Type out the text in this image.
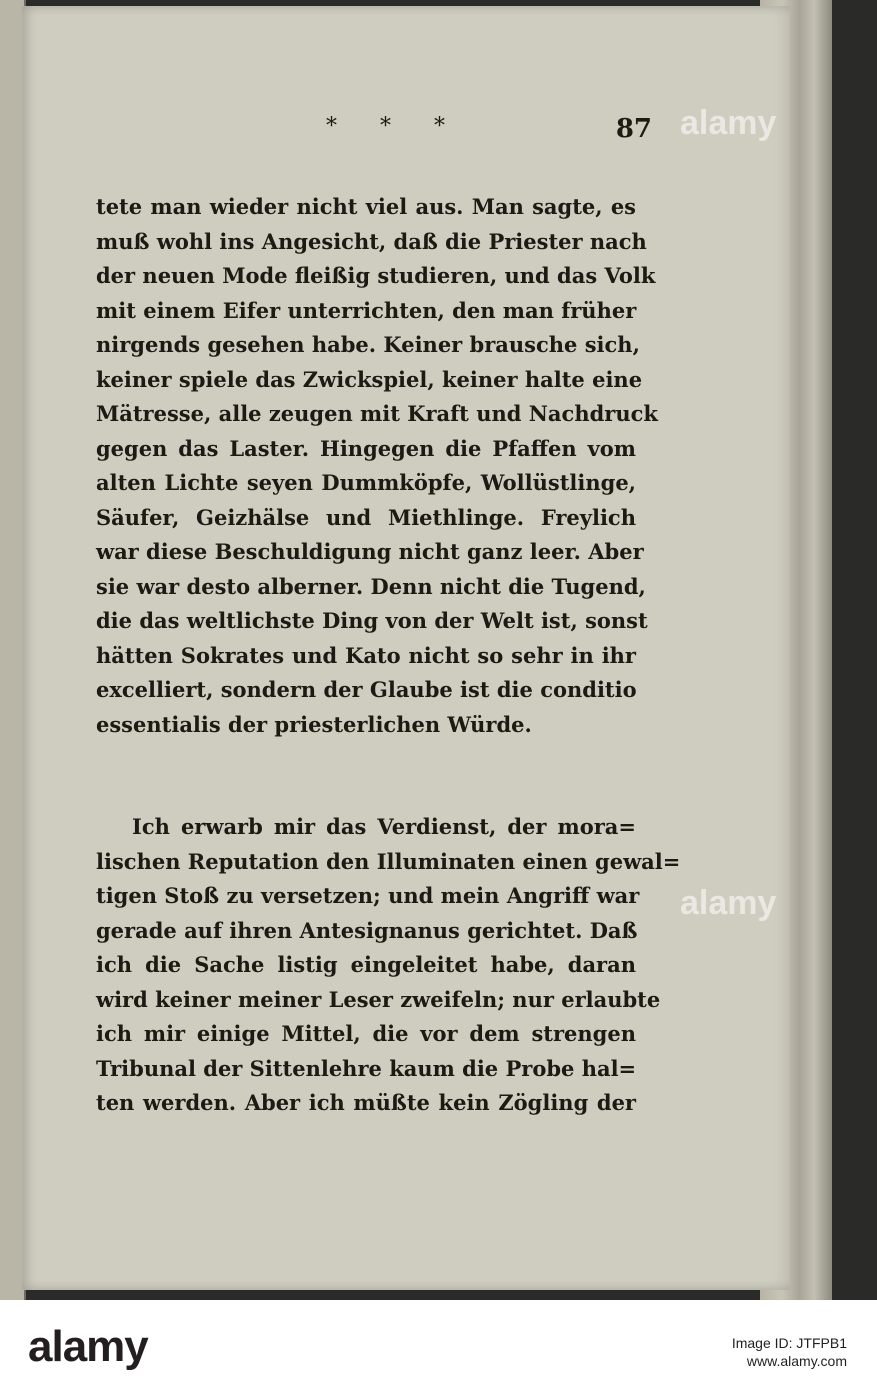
* * *	87
tete man wieder nicht viel aus. Man sagte, es
muß wohl ins Angesicht, daß die Priester nach
der neuen Mode fleißig studieren, und das Volk
mit einem Eifer unterrichten, den man früher
nirgends gesehen habe. Keiner brausche sich,
keiner spiele das Zwickspiel, keiner halte eine
Mätresse, alle zeugen mit Kraft und Nachdruck
gegen das Laster. Hingegen die Pfaffen vom
alten Lichte seyen Dummköpfe, Wollüstlinge,
Säufer, Geizhälse und Miethlinge. Freylich
war diese Beschuldigung nicht ganz leer. Aber
sie war desto alberner. Denn nicht die Tugend,
die das weltlichste Ding von der Welt ist, sonst
hätten Sokrates und Kato nicht so sehr in ihr
excelliert, sondern der Glaube ist die conditio
essentialis der priesterlichen Würde.
Ich erwarb mir das Verdienst, der mora=
lischen Reputation den Illuminaten einen gewal=
tigen Stoß zu versetzen; und mein Angriff war
gerade auf ihren Antesignanus gerichtet. Daß
ich die Sache listig eingeleitet habe, daran
wird keiner meiner Leser zweifeln; nur erlaubte
ich mir einige Mittel, die vor dem strengen
Tribunal der Sittenlehre kaum die Probe hal=
ten werden. Aber ich müßte kein Zögling der
alamy
alamy
alamy	Image ID: JTFPB1
www.alamy.com
